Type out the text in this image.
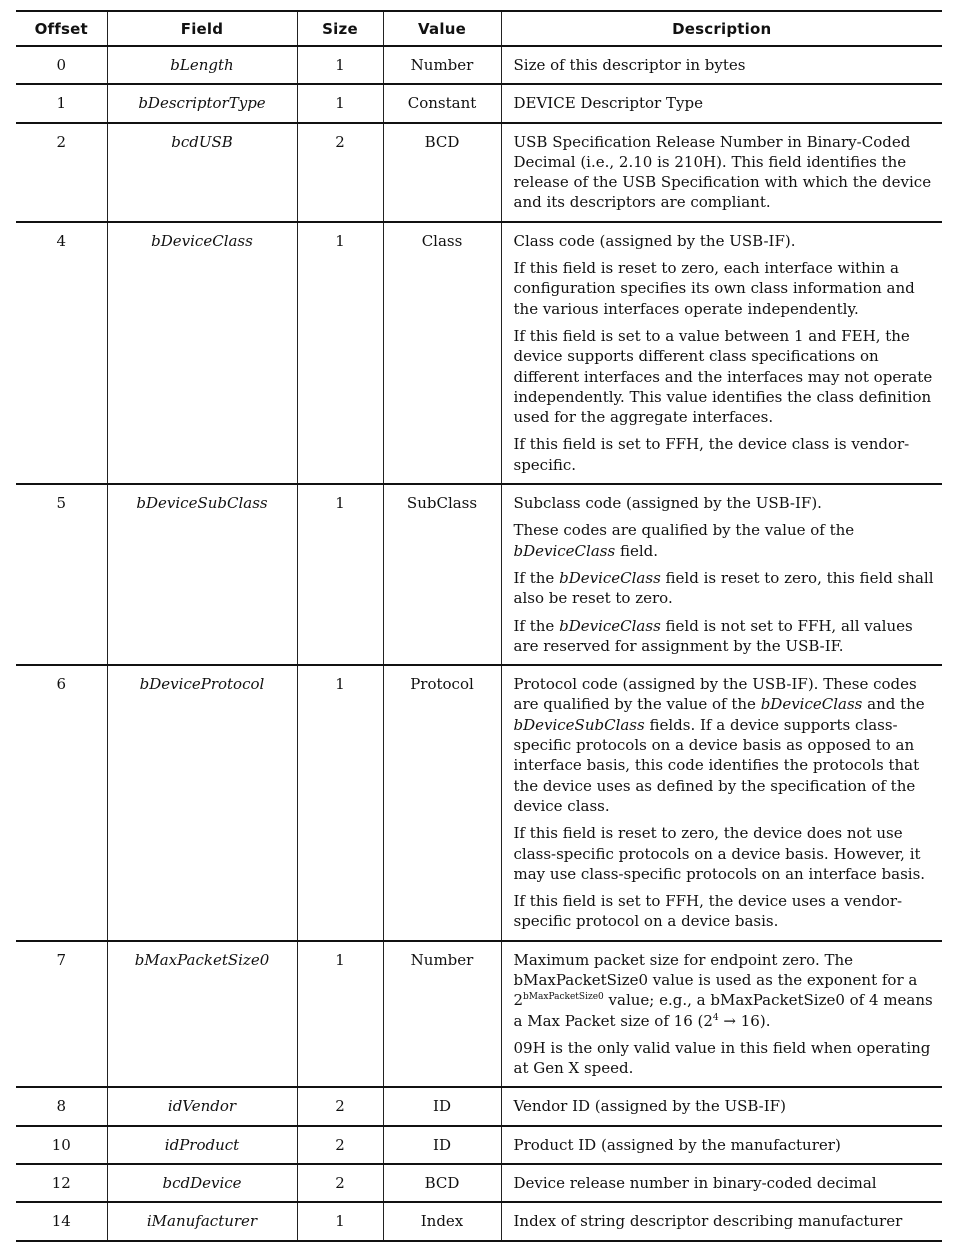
Offset	Field	Size	Value	Description
0	bLength	1	Number	Size of this descriptor in bytes

1	bDescriptorType	1	Constant	DEVICE Descriptor Type

2	bcdUSB	2	BCD	USB Specification Release Number in Binary-Coded Decimal (i.e., 2.10 is 210H). This field identifies the release of the USB Specification with which the device and its descriptors are compliant.

4	bDeviceClass	1	Class	Class code (assigned by the USB-IF).

If this field is reset to zero, each interface within a configuration specifies its own class information and the various interfaces operate independently.

If this field is set to a value between 1 and FEH, the device supports different class specifications on different interfaces and the interfaces may not operate independently. This value identifies the class definition used for the aggregate interfaces.

If this field is set to FFH, the device class is vendor-specific.

5	bDeviceSubClass	1	SubClass	Subclass code (assigned by the USB-IF).

These codes are qualified by the value of the bDeviceClass field.

If the bDeviceClass field is reset to zero, this field shall also be reset to zero.

If the bDeviceClass field is not set to FFH, all values are reserved for assignment by the USB-IF.

6	bDeviceProtocol	1	Protocol	Protocol code (assigned by the USB-IF). These codes are qualified by the value of the bDeviceClass and the bDeviceSubClass fields. If a device supports class-specific protocols on a device basis as opposed to an interface basis, this code identifies the protocols that the device uses as defined by the specification of the device class.

If this field is reset to zero, the device does not use class-specific protocols on a device basis. However, it may use class-specific protocols on an interface basis.

If this field is set to FFH, the device uses a vendor-specific protocol on a device basis.

7	bMaxPacketSize0	1	Number	Maximum packet size for endpoint zero. The bMaxPacketSize0 value is used as the exponent for a $2^{bMaxPacketSize0}$ value; e.g., a bMaxPacketSize0 of 4 means a Max Packet size of 16 $(2^4 \to 16)$.

09H is the only valid value in this field when operating at Gen X speed.

8	idVendor	2	ID	Vendor ID (assigned by the USB-IF)

10	idProduct	2	ID	Product ID (assigned by the manufacturer)

12	bcdDevice	2	BCD	Device release number in binary-coded decimal

14	iManufacturer	1	Index	Index of string descriptor describing manufacturer
